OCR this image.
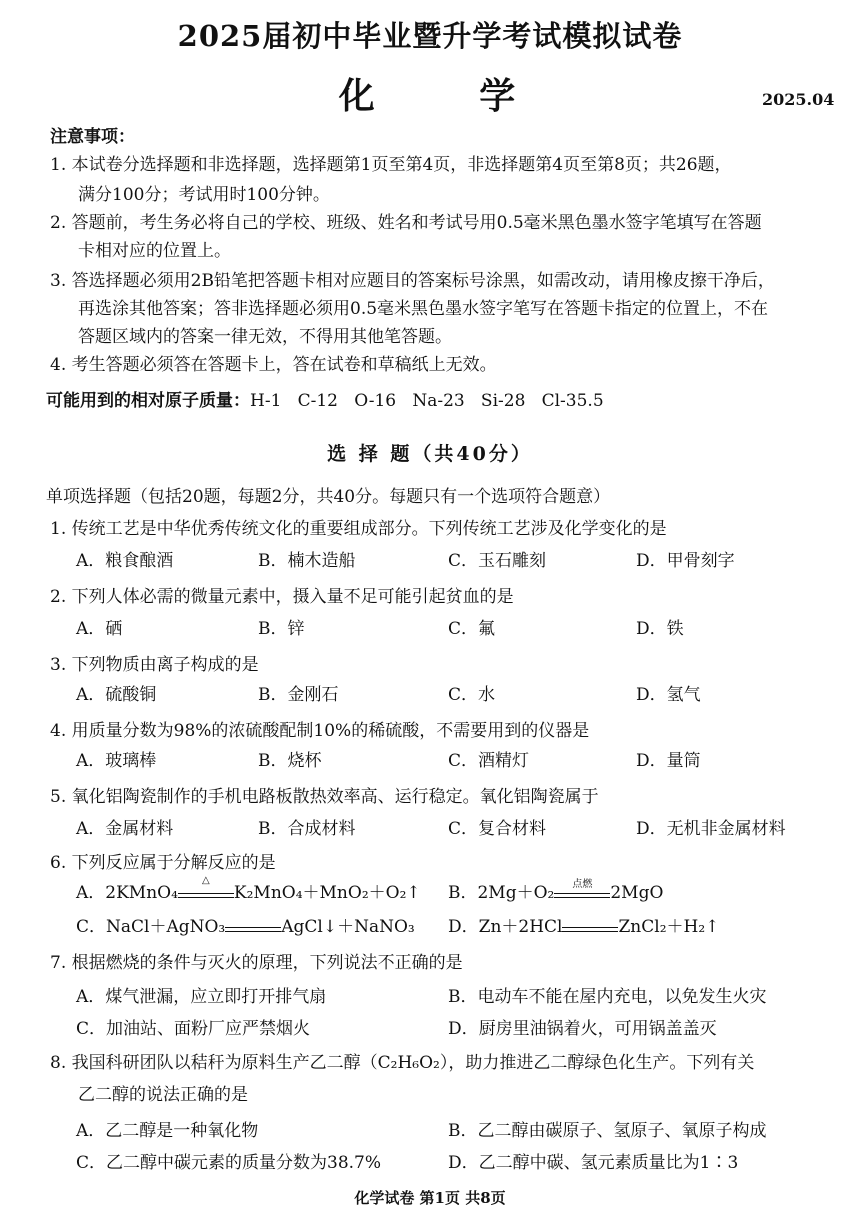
2025届初中毕业暨升学考试模拟试卷
化 学	2025.04
注意事项：
1. 本试卷分选择题和非选择题，选择题第1页至第4页，非选择题第4页至第8页；共26题，
满分100分；考试用时100分钟。
2. 答题前，考生务必将自己的学校、班级、姓名和考试号用0.5毫米黑色墨水签字笔填写在答题
卡相对应的位置上。
3. 答选择题必须用2B铅笔把答题卡相对应题目的答案标号涂黑，如需改动，请用橡皮擦干净后，
再选涂其他答案；答非选择题必须用0.5毫米黑色墨水签字笔写在答题卡指定的位置上，不在
答题区域内的答案一律无效，不得用其他笔答题。
4. 考生答题必须答在答题卡上，答在试卷和草稿纸上无效。
可能用到的相对原子质量：H-1   C-12   O-16   Na-23   Si-28   Cl-35.5
选 择 题（共40分）
单项选择题（包括20题，每题2分，共40分。每题只有一个选项符合题意）
1. 传统工艺是中华优秀传统文化的重要组成部分。下列传统工艺涉及化学变化的是
A．粮食酿酒	B．楠木造船	C．玉石雕刻	D．甲骨刻字
2. 下列人体必需的微量元素中，摄入量不足可能引起贫血的是
A．硒	B．锌	C．氟	D．铁
3. 下列物质由离子构成的是
A．硫酸铜	B．金刚石	C．水	D．氢气
4. 用质量分数为98%的浓硫酸配制10%的稀硫酸，不需要用到的仪器是
A．玻璃棒	B．烧杯	C．酒精灯	D．量筒
5. 氧化铝陶瓷制作的手机电路板散热效率高、运行稳定。氧化铝陶瓷属于
A．金属材料	B．合成材料	C．复合材料	D．无机非金属材料
6. 下列反应属于分解反应的是
A．2KMnO₄
△
K₂MnO₄＋MnO₂＋O₂↑ B．2Mg＋O₂	点燃	2MgO
C．NaCl＋AgNO₃	AgCl↓＋NaNO₃ D．Zn＋2HCl	ZnCl₂＋H₂↑
7. 根据燃烧的条件与灭火的原理，下列说法不正确的是
A．煤气泄漏，应立即打开排气扇	B．电动车不能在屋内充电，以免发生火灾
C．加油站、面粉厂应严禁烟火	D．厨房里油锅着火，可用锅盖盖灭
8. 我国科研团队以秸秆为原料生产乙二醇（C₂H₆O₂），助力推进乙二醇绿色化生产。下列有关
乙二醇的说法正确的是
A．乙二醇是一种氧化物	B．乙二醇由碳原子、氢原子、氧原子构成
C．乙二醇中碳元素的质量分数为38.7%	D．乙二醇中碳、氢元素质量比为1∶3
化学试卷 第1页 共8页
